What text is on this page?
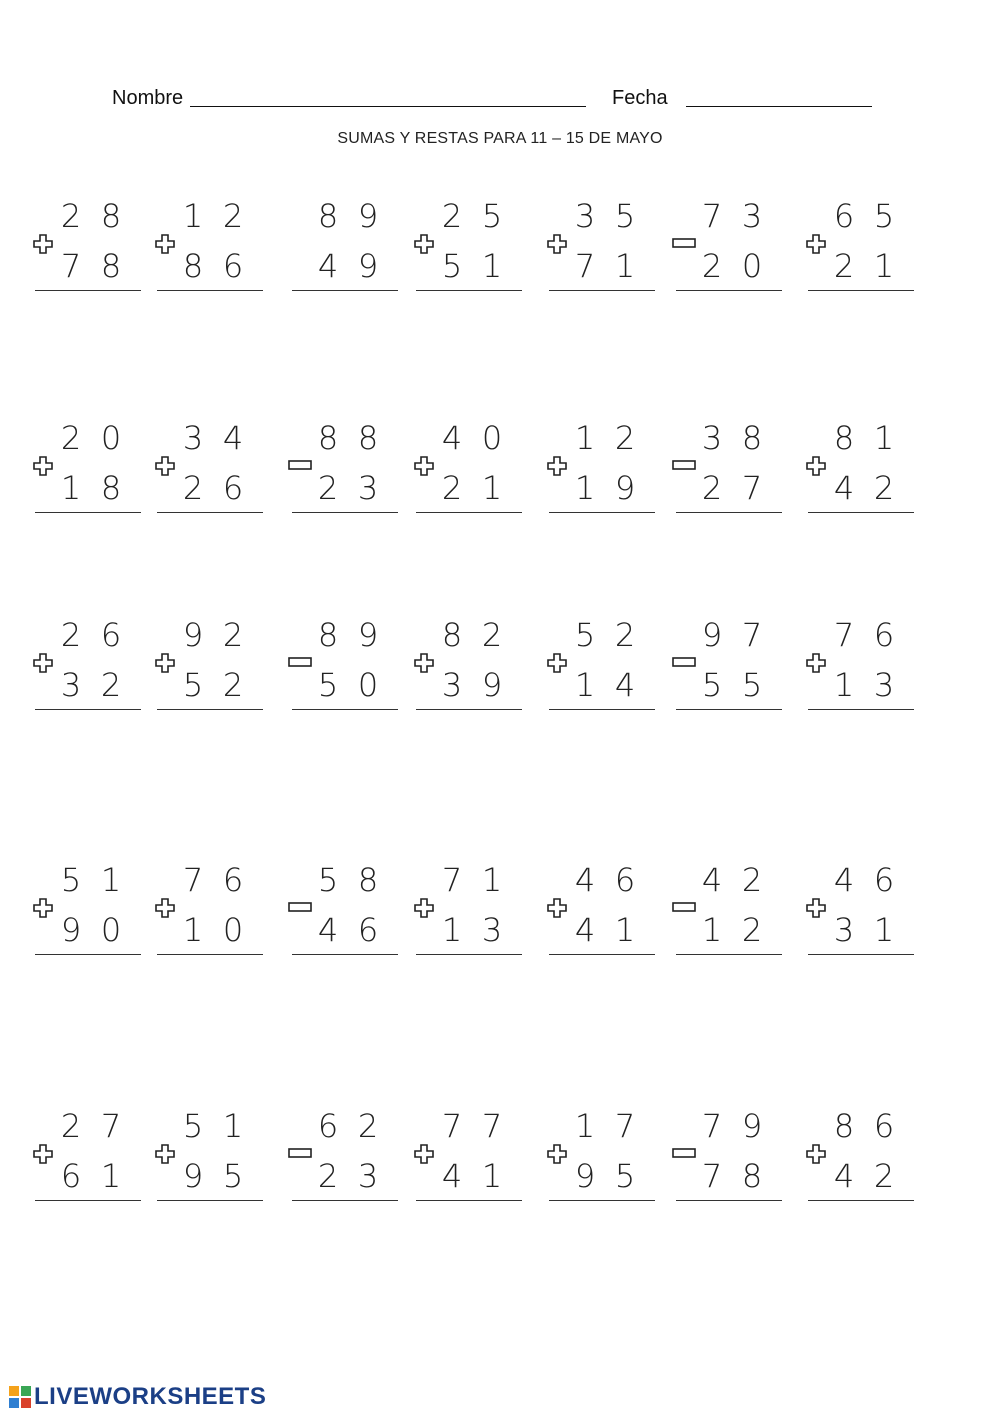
Nombre	Fecha
SUMAS Y RESTAS PARA 11 – 15 DE MAYO
2 8
7 8
1 2
8 6
8 9
4 9
2 5
5 1
3 5
7 1
7 3
2 0
6 5
2 1
2 0
1 8
3 4
2 6
8 8
2 3
4 0
2 1
1 2
1 9
3 8
2 7
8 1
4 2
2 6
3 2
9 2
5 2
8 9
5 0
8 2
3 9
5 2
1 4
9 7
5 5
7 6
1 3
5 1
9 0
7 6
1 0
5 8
4 6
7 1
1 3
4 6
4 1
4 2
1 2
4 6
3 1
2 7
6 1
5 1
9 5
6 2
2 3
7 7
4 1
1 7
9 5
7 9
7 8
8 6
4 2
LIVEWORKSHEETS
